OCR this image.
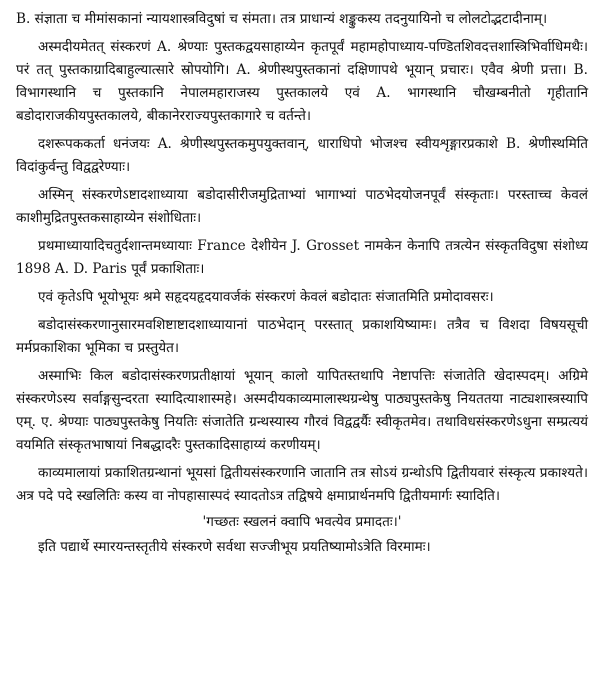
B. संज्ञाता च मीमांसकानां न्यायशास्त्रविदुषां च संमता। तत्र प्राधान्यं शङ्कुकस्य तदनुयायिनो च लोलटोद्भटादीनाम्।

अस्मदीयमेतत् संस्करणं A. श्रेण्याः पुस्तकद्वयसाहाय्येन कृतपूर्वं महामहोपाध्याय-पण्डितशिवदत्तशास्त्रिभिर्वाधिमथैः। परं तत् पुस्तकाग्रादिबाहुल्यात्सारे स्रोपयोगि। A. श्रेणीस्थपुस्तकानां दक्षिणापथे भूयान् प्रचारः। एवैव श्रेणी प्रत्ता। B. विभागस्थानि च पुस्तकानि नेपालमहाराजस्य पुस्तकालये एवं A. भागस्थानि चौखम्बनीतो गृहीतानि बडोदाराजकीयपुस्तकालये, बीकानेरराज्यपुस्तकागारे च वर्तन्ते।

दशरूपककर्ता धनंजयः A. श्रेणीस्थपुस्तकमुपयुक्तवान्, धाराधिपो भोजश्च स्वीयशृङ्गारप्रकाशे B. श्रेणीस्थमिति विदांकुर्वन्तु विद्वद्वरेण्याः।

अस्मिन् संस्करणेऽष्टादशाध्याया बडोदासीरीजमुद्रिताभ्यां भागाभ्यां पाठभेदयोजनपूर्वं संस्कृताः। परस्ताच्च केवलं काशीमुद्रितपुस्तकसाहाय्येन संशोधिताः।

प्रथमाध्यायादिचतुर्दशान्तमध्यायाः France देशीयेन J. Grosset नामकेन केनापि तत्रत्येन संस्कृतविदुषा संशोध्य 1898 A. D. Paris पूर्वं प्रकाशिताः।

एवं कृतेऽपि भूयोभूयः श्रमे सहृदयहृदयावर्जकं संस्करणं केवलं बडोदातः संजातमिति प्रमोदावसरः।

बडोदासंस्करणानुसारमवशिष्टाष्टादशाध्यायानां पाठभेदान् परस्तात् प्रकाशयिष्यामः। तत्रैव च विशदा विषयसूची मर्मप्रकाशिका भूमिका च प्रस्तुयेत।

अस्माभिः किल बडोदासंस्करणप्रतीक्षायां भूयान् कालो यापितस्तथापि नेष्टापत्तिः संजातेति खेदास्पदम्। अग्रिमे संस्करणेऽस्य सर्वाङ्गसुन्दरता स्यादित्याशास्महे। अस्मदीयकाव्यमालास्थग्रन्थेषु पाठ्यपुस्तकेषु नियततया नाट्यशास्त्रस्यापि एम्. ए. श्रेण्याः पाठ्यपुस्तकेषु नियतिः संजातेति ग्रन्थस्यास्य गौरवं विद्वद्वर्यैः स्वीकृतमेव। तथाविधसंस्करणेऽधुना सम्प्रत्ययं वयमिति संस्कृतभाषायां निबद्धादरैः पुस्तकादिसाहाय्यं करणीयम्।

काव्यमालायां प्रकाशितग्रन्थानां भूयसां द्वितीयसंस्करणानि जातानि तत्र सोऽयं ग्रन्थोऽपि द्वितीयवारं संस्कृत्य प्रकाश्यते। अत्र पदे पदे स्खलितिः कस्य वा नोपहासास्पदं स्यादतोऽत्र तद्विषये क्षमाप्रार्थनमपि द्वितीयमार्गः स्यादिति।

'गच्छतः स्खलनं क्वापि भवत्येव प्रमादतः।'

इति पद्यार्थे स्मारयन्तस्तृतीये संस्करणे सर्वथा सज्जीभूय प्रयतिष्यामोऽत्रेति विरमामः।
